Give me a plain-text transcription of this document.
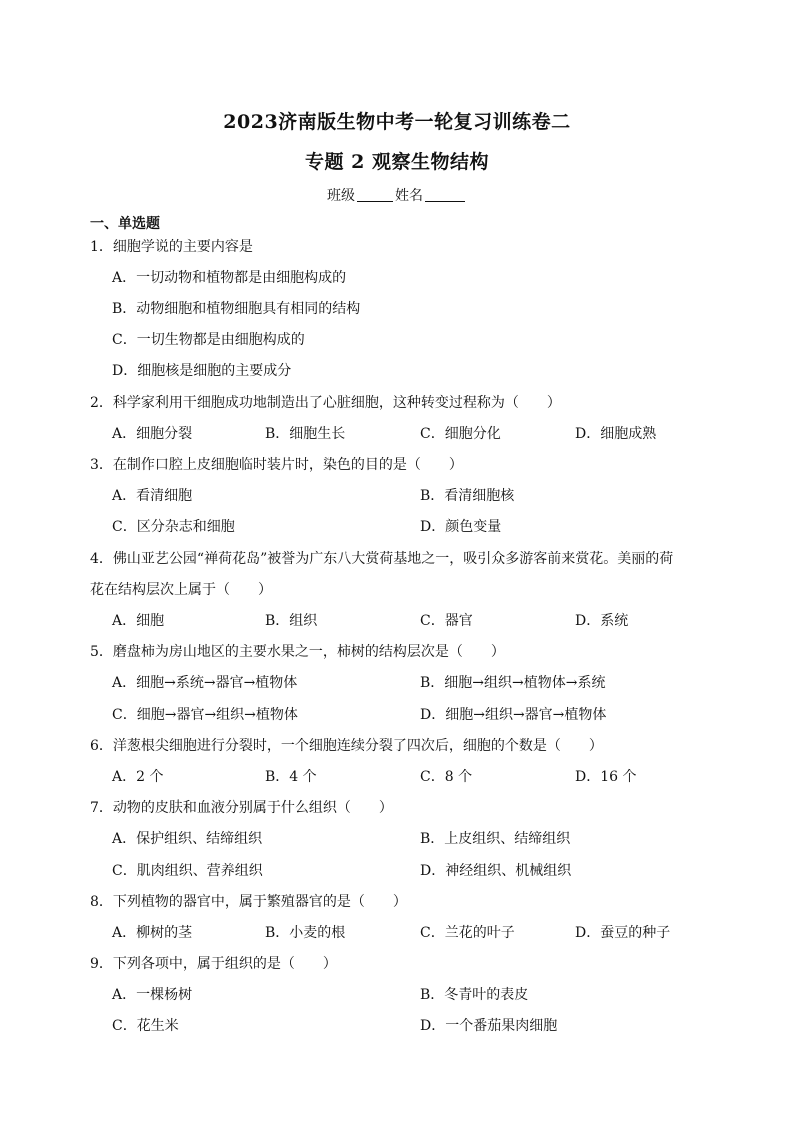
2023济南版生物中考一轮复习训练卷二
专题 2 观察生物结构
班级	姓名
一、单选题
1．细胞学说的主要内容是
A．一切动物和植物都是由细胞构成的
B．动物细胞和植物细胞具有相同的结构
C．一切生物都是由细胞构成的
D．细胞核是细胞的主要成分
2．科学家利用干细胞成功地制造出了心脏细胞，这种转变过程称为（　　）
A．细胞分裂	B．细胞生长	C．细胞分化	D．细胞成熟
3．在制作口腔上皮细胞临时装片时，染色的目的是（　　）
A．看清细胞	B．看清细胞核
C．区分杂志和细胞	D．颜色变量
4．佛山亚艺公园“禅荷花岛”被誉为广东八大赏荷基地之一，吸引众多游客前来赏花。美丽的荷
花在结构层次上属于（　　）
A．细胞	B．组织	C．器官	D．系统
5．磨盘柿为房山地区的主要水果之一，柿树的结构层次是（　　）
A．细胞→系统→器官→植物体	B．细胞→组织→植物体→系统
C．细胞→器官→组织→植物体	D．细胞→组织→器官→植物体
6．洋葱根尖细胞进行分裂时，一个细胞连续分裂了四次后，细胞的个数是（　　）
A．2 个	B．4 个	C．8 个	D．16 个
7．动物的皮肤和血液分别属于什么组织（　　）
A．保护组织、结缔组织	B．上皮组织、结缔组织
C．肌肉组织、营养组织	D．神经组织、机械组织
8．下列植物的器官中，属于繁殖器官的是（　　）
A．柳树的茎	B．小麦的根	C．兰花的叶子	D．蚕豆的种子
9．下列各项中，属于组织的是（　　）
A．一棵杨树	B．冬青叶的表皮
C．花生米	D．一个番茄果肉细胞
